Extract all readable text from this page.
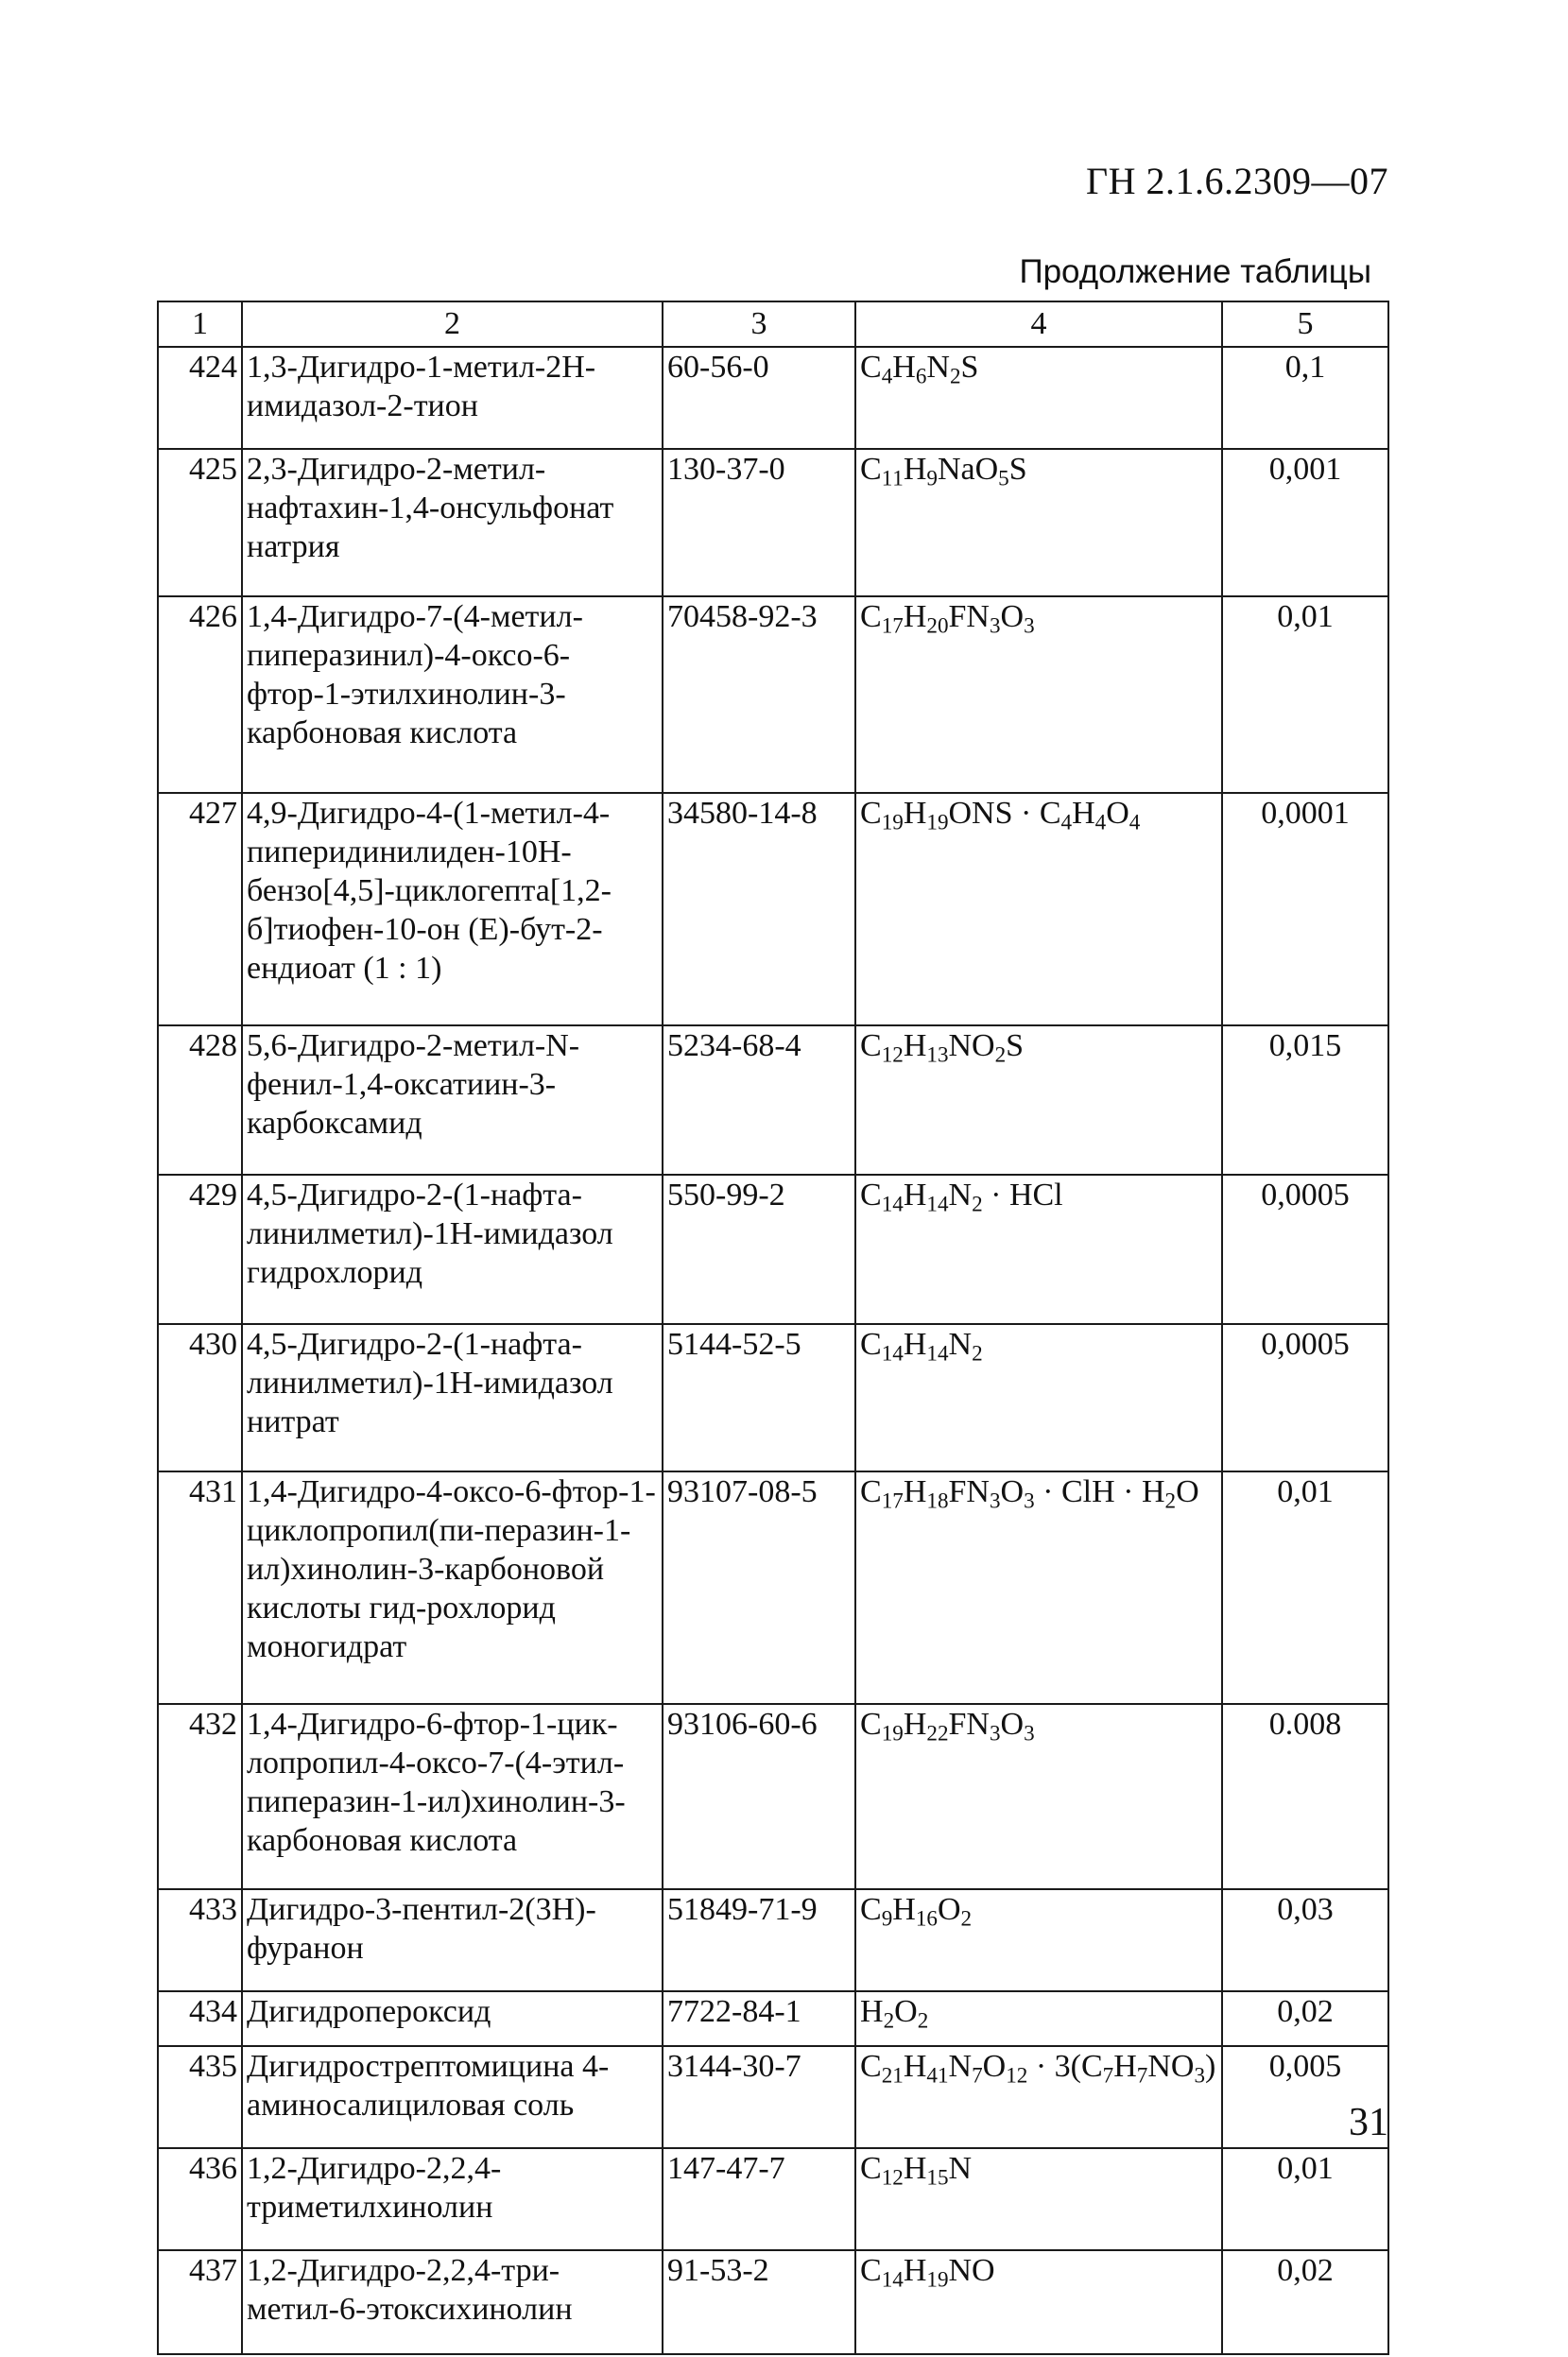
ГН 2.1.6.2309—07
Продолжение таблицы
1	2	3	4	5
424	1,3-Дигидро-1-метил-2H-имидазол-2-тион	60-56-0	$C_4H_6N_2S$	0,1
425	2,3-Дигидро-2-метил-нафтахин-1,4-онсульфонат натрия	130-37-0	$C_{11}H_9NaO_5S$	0,001
426	1,4-Дигидро-7-(4-метил-пиперазинил)-4-оксо-6-фтор-1-этилхинолин-3-карбоновая кислота	70458-92-3	$C_{17}H_{20}FN_3O_3$	0,01
427	4,9-Дигидро-4-(1-метил-4-пиперидинилиден-10H-бензо[4,5]-циклогепта[1,2-б]тиофен-10-он (E)-бут-2-ендиоат (1 : 1)	34580-14-8	$C_{19}H_{19}ONS \cdot C_4H_4O_4$	0,0001
428	5,6-Дигидро-2-метил-N-фенил-1,4-оксатиин-3-карбоксамид	5234-68-4	$C_{12}H_{13}NO_2S$	0,015
429	4,5-Дигидро-2-(1-нафта-линилметил)-1H-имидазол гидрохлорид	550-99-2	$C_{14}H_{14}N_2$ · HCl	0,0005
430	4,5-Дигидро-2-(1-нафта-линилметил)-1H-имидазол нитрат	5144-52-5	$C_{14}H_{14}N_2$	0,0005
431	1,4-Дигидро-4-оксо-6-фтор-1-циклопропил(пи-перазин-1-ил)хинолин-3-карбоновой кислоты гид-рохлорид моногидрат	93107-08-5	$C_{17}H_{18}FN_3O_3$ · ClH · $H_2O$	0,01
432	1,4-Дигидро-6-фтор-1-цик-лопропил-4-оксо-7-(4-этил-пиперазин-1-ил)хинолин-3-карбоновая кислота	93106-60-6	$C_{19}H_{22}FN_3O_3$	0.008
433	Дигидро-3-пентил-2(3H)-фуранон	51849-71-9	$C_9H_{16}O_2$	0,03
434	Дигидропероксид	7722-84-1	$H_2O_2$	0,02
435	Дигидрострептомицина 4-аминосалициловая соль	3144-30-7	$C_{21}H_{41}N_7O_{12} \cdot 3(C_7H_7NO_3)$	0,005
436	1,2-Дигидро-2,2,4-триметилхинолин	147-47-7	$C_{12}H_{15}N$	0,01
437	1,2-Дигидро-2,2,4-три-метил-6-этоксихинолин	91-53-2	$C_{14}H_{19}NO$	0,02
31
